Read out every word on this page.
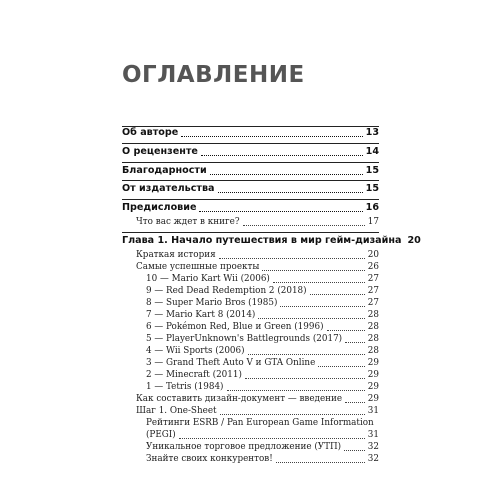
ОГЛАВЛЕНИЕ
Об авторе	13
О рецензенте	14
Благодарности	15
От издательства	15
Предисловие	16
Что вас ждет в книге?	17
Глава 1. Начало путешествия в мир гейм-дизайна 20
Краткая история	20
Самые успешные проекты	26
10 — Mario Kart Wii (2006)	27
9 — Red Dead Redemption 2 (2018)	27
8 — Super Mario Bros (1985)	27
7 — Mario Kart 8 (2014)	28
6 — Pokémon Red, Blue и Green (1996)	28
5 — PlayerUnknown's Battlegrounds (2017)	28
4 — Wii Sports (2006)	28
3 — Grand Theft Auto V и GTA Online	29
2 — Minecraft (2011)	29
1 — Tetris (1984)	29
Как составить дизайн-документ — введение	29
Шаг 1. One-Sheet	31
Рейтинги ESRB / Pan European Game Information
(PEGI)	31
Уникальное торговое предложение (УТП)	32
Знайте своих конкурентов!	32
